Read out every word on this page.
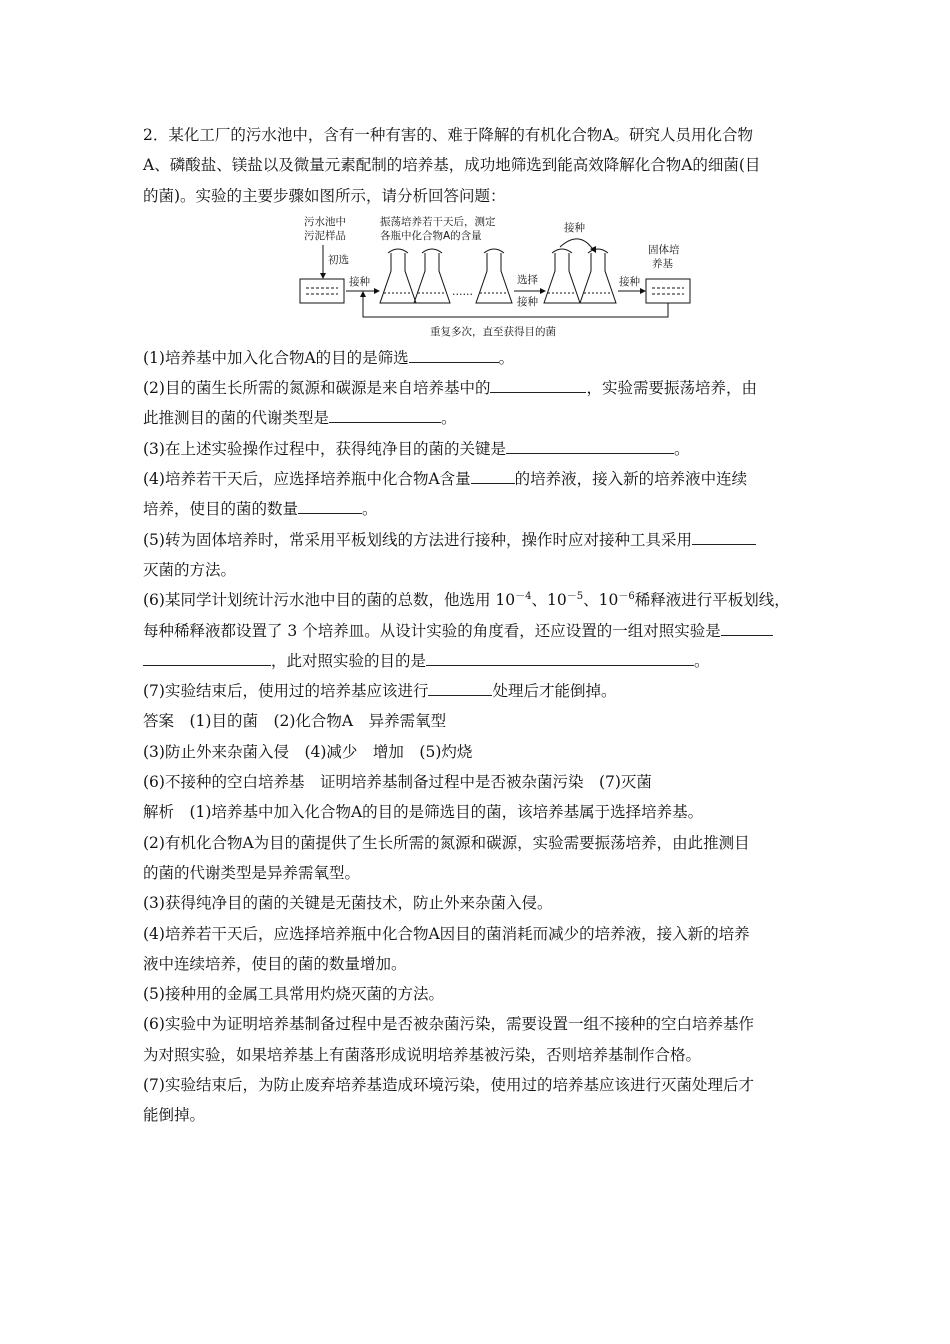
2．某化工厂的污水池中，含有一种有害的、难于降解的有机化合物A。研究人员用化合物
A、磷酸盐、镁盐以及微量元素配制的培养基，成功地筛选到能高效降解化合物A的细菌(目
的菌)。实验的主要步骤如图所示，请分析回答问题：
污水池中
污泥样品
初选
接种
振荡培养若干天后，测定
各瓶中化合物A的含量
……
选择
接种
接种
接种
固体培
养基
重复多次，直至获得目的菌
(1)培养基中加入化合物A的目的是筛选	。
(2)目的菌生长所需的氮源和碳源是来自培养基中的	，实验需要振荡培养，由
此推测目的菌的代谢类型是	。
(3)在上述实验操作过程中，获得纯净目的菌的关键是	。
(4)培养若干天后，应选择培养瓶中化合物A含量	的培养液，接入新的培养液中连续
培养，使目的菌的数量	。
(5)转为固体培养时，常采用平板划线的方法进行接种，操作时应对接种工具采用
灭菌的方法。
(6)某同学计划统计污水池中目的菌的总数，他选用 $10^{-4}$、$10^{-5}$、$10^{-6}$稀释液进行平板划线，
每种稀释液都设置了 3 个培养皿。从设计实验的角度看，还应设置的一组对照实验是
，此对照实验的目的是	。
(7)实验结束后，使用过的培养基应该进行	处理后才能倒掉。
答案　(1)目的菌　(2)化合物A　异养需氧型
(3)防止外来杂菌入侵　(4)减少　增加　(5)灼烧
(6)不接种的空白培养基　证明培养基制备过程中是否被杂菌污染　(7)灭菌
解析　(1)培养基中加入化合物A的目的是筛选目的菌，该培养基属于选择培养基。
(2)有机化合物A为目的菌提供了生长所需的氮源和碳源，实验需要振荡培养，由此推测目
的菌的代谢类型是异养需氧型。
(3)获得纯净目的菌的关键是无菌技术，防止外来杂菌入侵。
(4)培养若干天后，应选择培养瓶中化合物A因目的菌消耗而减少的培养液，接入新的培养
液中连续培养，使目的菌的数量增加。
(5)接种用的金属工具常用灼烧灭菌的方法。
(6)实验中为证明培养基制备过程中是否被杂菌污染，需要设置一组不接种的空白培养基作
为对照实验，如果培养基上有菌落形成说明培养基被污染，否则培养基制作合格。
(7)实验结束后，为防止废弃培养基造成环境污染，使用过的培养基应该进行灭菌处理后才
能倒掉。
